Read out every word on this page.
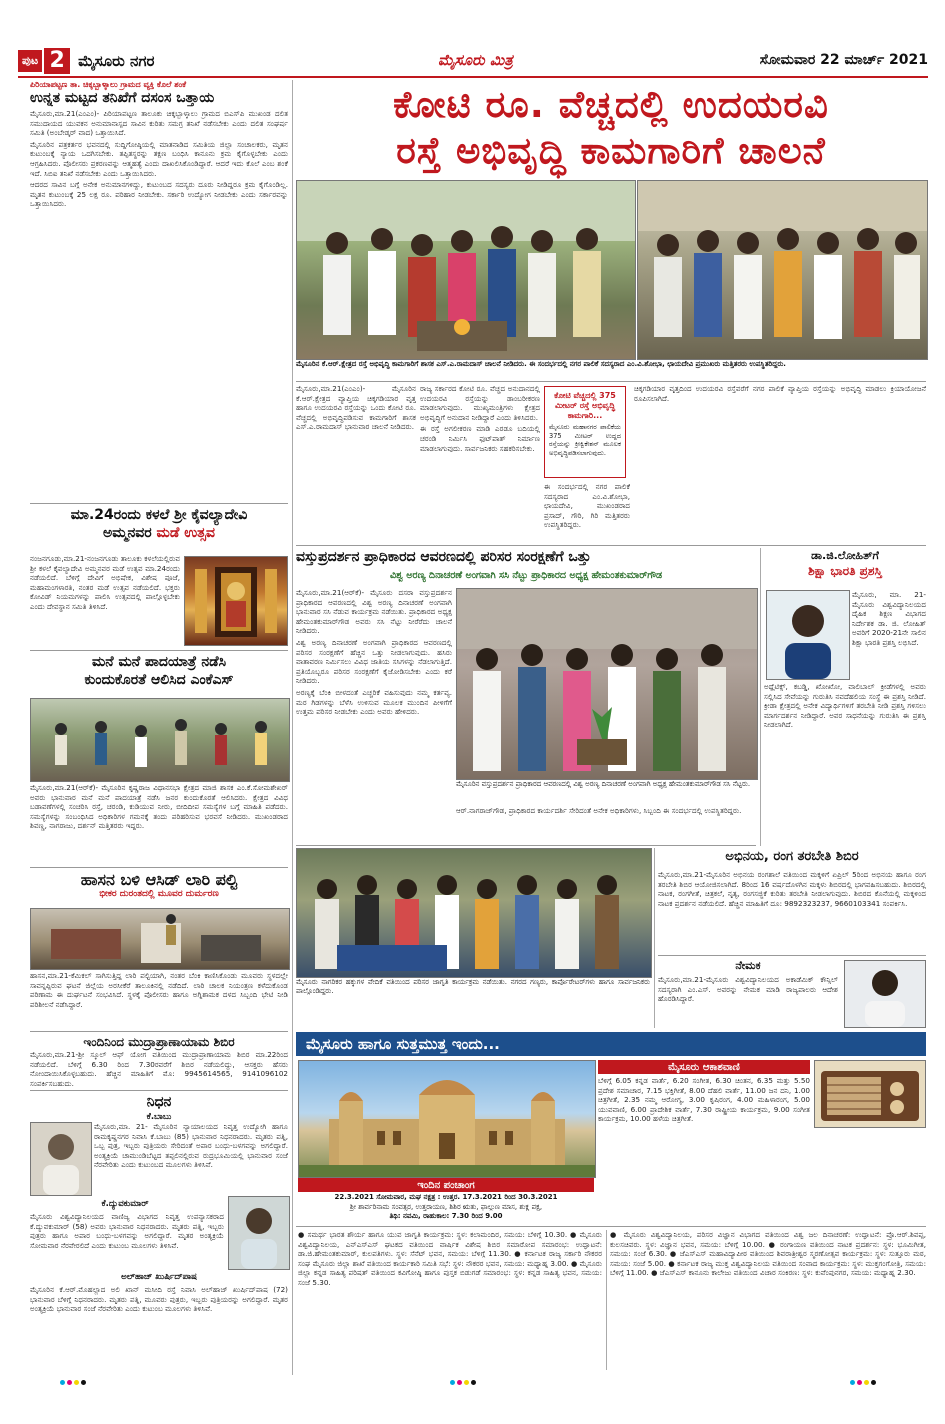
ಪುಟ 2 ಮೈಸೂರು ನಗರ	ಮೈಸೂರು ಮಿತ್ರ	ಸೋಮವಾರ 22 ಮಾರ್ಚ್ 2021
ಪಿರಿಯಾಪಟ್ಟಣ ತಾ. ಚಿಕ್ಕಬ್ಬಾಳ್ಕಾಲು ಗ್ರಾಮದ ವ್ಯಕ್ತಿ ಕೊಲೆ ಶಂಕೆ
ಉನ್ನತ ಮಟ್ಟದ ತನಿಖೆಗೆ ದಸಂಸ ಒತ್ತಾಯ

ಮೈಸೂರು,ಮಾ.21(ಎಂಎಂ)- ಪಿರಿಯಾಪಟ್ಟಣ ತಾಲೂಕು ಚಿಕ್ಕಬ್ಬಾಳ್ಕಾಲು ಗ್ರಾಮದ ಬಿಎಸ್‌ಪಿ ಮುಖಂಡ ದಲಿತ ಸಮುದಾಯದ ಯುವಕನ ಅನುಮಾನಾಸ್ಪದ ಸಾವಿನ ಕುರಿತು ಸಮಗ್ರ ತನಿಖೆ ನಡೆಸಬೇಕು ಎಂದು ದಲಿತ ಸಂಘರ್ಷ ಸಮಿತಿ (ಅಂಬೇಡ್ಕರ್ ವಾದ) ಒತ್ತಾಯಿಸಿದೆ.

ಮೈಸೂರಿನ ಪತ್ರಕರ್ತರ ಭವನದಲ್ಲಿ ಸುದ್ದಿಗೋಷ್ಠಿಯಲ್ಲಿ ಮಾತನಾಡಿದ ಸಮಿತಿಯ ಜಿಲ್ಲಾ ಸಂಚಾಲಕರು, ಮೃತನ ಕುಟುಂಬಕ್ಕೆ ನ್ಯಾಯ ಒದಗಿಸಬೇಕು. ತಪ್ಪಿತಸ್ಥರನ್ನು ತಕ್ಷಣ ಬಂಧಿಸಿ ಕಾನೂನು ಕ್ರಮ ಕೈಗೊಳ್ಳಬೇಕು ಎಂದು ಆಗ್ರಹಿಸಿದರು. ಪೊಲೀಸರು ಪ್ರಕರಣವನ್ನು ಆತ್ಮಹತ್ಯೆ ಎಂದು ದಾಖಲಿಸಿಕೊಂಡಿದ್ದಾರೆ. ಆದರೆ ಇದು ಕೊಲೆ ಎಂಬ ಶಂಕೆ ಇದೆ. ಸಿಬಿಐ ತನಿಖೆ ನಡೆಸಬೇಕು ಎಂದು ಒತ್ತಾಯಿಸಿದರು.

ಆದರದ ಸಾವಿನ ಬಗ್ಗೆ ಅನೇಕ ಅನುಮಾನಗಳಿದ್ದು, ಕುಟುಂಬದ ಸದಸ್ಯರು ದೂರು ನೀಡಿದ್ದರೂ ಕ್ರಮ ಕೈಗೊಂಡಿಲ್ಲ. ಮೃತನ ಕುಟುಂಬಕ್ಕೆ 25 ಲಕ್ಷ ರೂ. ಪರಿಹಾರ ನೀಡಬೇಕು. ಸರ್ಕಾರಿ ಉದ್ಯೋಗ ನೀಡಬೇಕು ಎಂದು ಸರ್ಕಾರವನ್ನು ಒತ್ತಾಯಿಸಿದರು.

ಮಾ.24ರಂದು ಕಳಲೆ ಶ್ರೀ ಕೈವಲ್ಯಾದೇವಿ
ಅಮ್ಮನವರ ಮಡೆ ಉತ್ಸವ

ನಂಜನಗೂಡು,ಮಾ.21-ನಂಜನಗೂಡು ತಾಲೂಕು ಕಳಲೆಯಲ್ಲಿರುವ ಶ್ರೀ ಕಳಲೆ ಕೈವಲ್ಯಾದೇವಿ ಅಮ್ಮನವರ ಮಡೆ ಉತ್ಸವ ಮಾ.24ರಂದು ನಡೆಯಲಿದೆ. ಬೆಳಿಗ್ಗೆ ದೇವಿಗೆ ಅಭಿಷೇಕ, ವಿಶೇಷ ಪೂಜೆ, ಮಹಾಮಂಗಳಾರತಿ, ನಂತರ ಮಡೆ ಉತ್ಸವ ನಡೆಯಲಿದೆ. ಭಕ್ತರು ಕೋವಿಡ್ ನಿಯಮಗಳನ್ನು ಪಾಲಿಸಿ ಉತ್ಸವದಲ್ಲಿ ಪಾಲ್ಗೊಳ್ಳಬೇಕು ಎಂದು ದೇವಸ್ಥಾನ ಸಮಿತಿ ತಿಳಿಸಿದೆ.

ಮನೆ ಮನೆ ಪಾದಯಾತ್ರೆ ನಡೆಸಿ
ಕುಂದುಕೊರತೆ ಆಲಿಸಿದ ಎಂಕೆಎಸ್

ಮೈಸೂರು,ಮಾ.21(ಆರ್‌ಕೆ)- ಮೈಸೂರಿನ ಕೃಷ್ಣರಾಜ ವಿಧಾನಸಭಾ ಕ್ಷೇತ್ರದ ಮಾಜಿ ಶಾಸಕ ಎಂ.ಕೆ.ಸೋಮಶೇಖರ್ ಅವರು ಭಾನುವಾರ ಮನೆ ಮನೆ ಪಾದಯಾತ್ರೆ ನಡೆಸಿ ಜನರ ಕುಂದುಕೊರತೆ ಆಲಿಸಿದರು. ಕ್ಷೇತ್ರದ ವಿವಿಧ ಬಡಾವಣೆಗಳಲ್ಲಿ ಸಂಚರಿಸಿ ರಸ್ತೆ, ಚರಂಡಿ, ಕುಡಿಯುವ ನೀರು, ಬೀದಿದೀಪ ಸಮಸ್ಯೆಗಳ ಬಗ್ಗೆ ಮಾಹಿತಿ ಪಡೆದರು. ಸಮಸ್ಯೆಗಳನ್ನು ಸಂಬಂಧಿಸಿದ ಅಧಿಕಾರಿಗಳ ಗಮನಕ್ಕೆ ತಂದು ಪರಿಹರಿಸುವ ಭರವಸೆ ನೀಡಿದರು. ಮುಖಂಡರಾದ ಶಿವಣ್ಣ, ನಾಗರಾಜು, ದರ್ಶನ್ ಮತ್ತಿತರರು ಇದ್ದರು.

ಹಾಸನ ಬಳಿ ಆಸಿಡ್ ಲಾರಿ ಪಲ್ಟಿ
ಭೀಕರ ದುರಂತದಲ್ಲಿ ಮೂವರ ದುರ್ಮರಣ

ಹಾಸನ,ಮಾ.21-ಕೆಮಿಕಲ್ ಸಾಗಿಸುತ್ತಿದ್ದ ಲಾರಿ ಪಲ್ಟಿಯಾಗಿ, ನಂತರ ಬೆಂಕಿ ಕಾಣಿಸಿಕೊಂಡು ಮೂವರು ಸ್ಥಳದಲ್ಲೇ ಸಾವನ್ನಪ್ಪಿರುವ ಘಟನೆ ಜಿಲ್ಲೆಯ ಅರಸೀಕೆರೆ ತಾಲೂಕಿನಲ್ಲಿ ನಡೆದಿದೆ. ಲಾರಿ ಚಾಲಕ ನಿಯಂತ್ರಣ ಕಳೆದುಕೊಂಡ ಪರಿಣಾಮ ಈ ದುರ್ಘಟನೆ ಸಂಭವಿಸಿದೆ. ಸ್ಥಳಕ್ಕೆ ಪೊಲೀಸರು ಹಾಗೂ ಅಗ್ನಿಶಾಮಕ ದಳದ ಸಿಬ್ಬಂದಿ ಭೇಟಿ ನೀಡಿ ಪರಿಶೀಲನೆ ನಡೆಸಿದ್ದಾರೆ.

ಇಂದಿನಿಂದ ಮುದ್ರಾಪ್ರಾಣಾಯಾಮ ಶಿಬಿರ

ಮೈಸೂರು,ಮಾ.21-ಶ್ರೀ ಸ್ಕೂಲ್ ಆಫ್ ಯೋಗ ವತಿಯಿಂದ ಮುದ್ರಾಪ್ರಾಣಾಯಾಮ ಶಿಬಿರ ಮಾ.22ರಿಂದ ನಡೆಯಲಿದೆ. ಬೆಳಿಗ್ಗೆ 6.30 ರಿಂದ 7.30ರವರೆಗೆ ಶಿಬಿರ ನಡೆಯಲಿದ್ದು, ಆಸಕ್ತರು ಹೆಸರು ನೋಂದಾಯಿಸಿಕೊಳ್ಳಬಹುದು. ಹೆಚ್ಚಿನ ಮಾಹಿತಿಗೆ ಮೊ: 9945614565, 9141096102 ಸಂಪರ್ಕಿಸಬಹುದು.

ನಿಧನ
ಕೆ.ಬಾಬು

ಮೈಸೂರು,ಮಾ. 21- ಮೈಸೂರಿನ ನ್ಯಾಯಾಲಯದ ನಿವೃತ್ತ ಉದ್ಯೋಗಿ ಹಾಗೂ ರಾಮಕೃಷ್ಣನಗರ ನಿವಾಸಿ ಕೆ.ಬಾಬು (85) ಭಾನುವಾರ ನಿಧನರಾದರು. ಮೃತರು ಪತ್ನಿ, ಒಬ್ಬ ಪುತ್ರ, ಇಬ್ಬರು ಪುತ್ರಿಯರು ಸೇರಿದಂತೆ ಅಪಾರ ಬಂಧು-ಬಳಗವನ್ನು ಅಗಲಿದ್ದಾರೆ. ಅಂತ್ಯಕ್ರಿಯೆ ಚಾಮುಂಡಿಬೆಟ್ಟದ ತಪ್ಪಲಿನಲ್ಲಿರುವ ರುದ್ರಭೂಮಿಯಲ್ಲಿ ಭಾನುವಾರ ಸಂಜೆ ನೆರವೇರಿತು ಎಂದು ಕುಟುಂಬದ ಮೂಲಗಳು ತಿಳಿಸಿವೆ.

ಕೆ.ದ್ಯುವಕುಮಾರ್

ಮೈಸೂರು ವಿಶ್ವವಿದ್ಯಾನಿಲಯದ ವಾಣಿಜ್ಯ ವಿಭಾಗದ ನಿವೃತ್ತ ಉಪನ್ಯಾಸಕರಾದ ಕೆ.ದ್ಯುವಕುಮಾರ್ (58) ಅವರು ಭಾನುವಾರ ನಿಧನರಾದರು. ಮೃತರು ಪತ್ನಿ, ಇಬ್ಬರು ಪುತ್ರರು ಹಾಗೂ ಅಪಾರ ಬಂಧು-ಬಳಗವನ್ನು ಅಗಲಿದ್ದಾರೆ. ಮೃತರ ಅಂತ್ಯಕ್ರಿಯೆ ಸೋಮವಾರ ನೆರವೇರಲಿದೆ ಎಂದು ಕುಟುಂಬ ಮೂಲಗಳು ತಿಳಿಸಿವೆ.

ಅಲ್‌ಹಾಜ್ ಖುರ್ಷಿದ್‌ಪಾಷ

ಮೈಸೂರಿನ ಕೆ.ಆರ್.ಮೊಹಲ್ಲಾದ ಅಲಿ ಖಾನ್ ಮಸೀದಿ ರಸ್ತೆ ನಿವಾಸಿ ಅಲ್‌ಹಾಜ್ ಖುರ್ಷಿದ್‌ಪಾಷ (72) ಭಾನುವಾರ ಬೆಳಿಗ್ಗೆ ನಿಧನರಾದರು. ಮೃತರು ಪತ್ನಿ, ಮೂವರು ಪುತ್ರರು, ಇಬ್ಬರು ಪುತ್ರಿಯರನ್ನು ಅಗಲಿದ್ದಾರೆ. ಮೃತರ ಅಂತ್ಯಕ್ರಿಯೆ ಭಾನುವಾರ ಸಂಜೆ ನೆರವೇರಿತು ಎಂದು ಕುಟುಂಬ ಮೂಲಗಳು ತಿಳಿಸಿವೆ.

ಕೋಟಿ ರೂ. ವೆಚ್ಚದಲ್ಲಿ ಉದಯರವಿ
ರಸ್ತೆ ಅಭಿವೃದ್ಧಿ ಕಾಮಗಾರಿಗೆ ಚಾಲನೆ
ಮೈಸೂರಿನ ಕೆ.ಆರ್.ಕ್ಷೇತ್ರದ ರಸ್ತೆ ಅಭಿವೃದ್ಧಿ ಕಾಮಗಾರಿಗೆ ಶಾಸಕ ಎಸ್.ಎ.ರಾಮದಾಸ್ ಚಾಲನೆ ನೀಡಿದರು. ಈ ಸಂದರ್ಭದಲ್ಲಿ ನಗರ ಪಾಲಿಕೆ ಸದಸ್ಯರಾದ ಎಂ.ವಿ.ಶೋಭಾ, ಛಾಯದೇವಿ ಪ್ರಮುಖರು ಮತ್ತಿತರರು ಉಪಸ್ಥಿತರಿದ್ದರು.

ಮೈಸೂರು,ಮಾ.21(ಎಂಎಂ)- ಮೈಸೂರಿನ ಕೆ.ಆರ್.ಕ್ಷೇತ್ರದ ವ್ಯಾಪ್ತಿಯ ಚಿಕ್ಕಗಡಿಯಾರ ವೃತ್ತ ಹಾಗೂ ಉದಯರವಿ ರಸ್ತೆಯನ್ನು ಒಂದು ಕೋಟಿ ರೂ. ವೆಚ್ಚದಲ್ಲಿ ಅಭಿವೃದ್ಧಿಪಡಿಸುವ ಕಾಮಗಾರಿಗೆ ಶಾಸಕ ಎಸ್.ಎ.ರಾಮದಾಸ್ ಭಾನುವಾರ ಚಾಲನೆ ನೀಡಿದರು.

ರಾಜ್ಯ ಸರ್ಕಾರದ ಕೋಟಿ ರೂ. ವೆಚ್ಚದ ಅನುದಾನದಲ್ಲಿ ಉದಯರವಿ ರಸ್ತೆಯನ್ನು ಡಾಂಬರೀಕರಣ ಮಾಡಲಾಗುವುದು. ಮುಖ್ಯಮಂತ್ರಿಗಳು ಕ್ಷೇತ್ರದ ಅಭಿವೃದ್ಧಿಗೆ ಅನುದಾನ ನೀಡಿದ್ದಾರೆ ಎಂದು ತಿಳಿಸಿದರು.

ಈ ರಸ್ತೆ ಅಗಲೀಕರಣ ಮಾಡಿ ಎರಡೂ ಬದಿಯಲ್ಲಿ ಚರಂಡಿ ನಿರ್ಮಿಸಿ ಫುಟ್‌ಪಾತ್ ನಿರ್ಮಾಣ ಮಾಡಲಾಗುವುದು. ಸಾರ್ವಜನಿಕರು ಸಹಕರಿಸಬೇಕು.

ಕೋಟಿ ವೆಚ್ಚದಲ್ಲಿ 375 ಮೀಟರ್ ರಸ್ತೆ ಅಭಿವೃದ್ಧಿ ಕಾಮಗಾರಿ...
ಮೈಸೂರು ಮಹಾನಗರ ಪಾಲಿಕೆಯ 375 ಮೀಟರ್ ಉದ್ದದ ರಸ್ತೆಯನ್ನು ಕ್ರೀಕ್ವಿಕೇಶನ್ ಮೂಲಕ ಅಭಿವೃದ್ಧಿಪಡಿಸಲಾಗುವುದು.

ಈ ಸಂದರ್ಭದಲ್ಲಿ ನಗರ ಪಾಲಿಕೆ ಸದಸ್ಯರಾದ ಎಂ.ವಿ.ಶೋಭಾ, ಛಾಯದೇವಿ, ಮುಖಂಡರಾದ ಪ್ರಸಾದ್, ಗೌರಿ, ಗಿರಿ ಮತ್ತಿತರರು ಉಪಸ್ಥಿತರಿದ್ದರು.

ಚಿಕ್ಕಗಡಿಯಾರ ವೃತ್ತದಿಂದ ಉದಯರವಿ ರಸ್ತೆವರೆಗೆ ನಗರ ಪಾಲಿಕೆ ವ್ಯಾಪ್ತಿಯ ರಸ್ತೆಯನ್ನು ಅಭಿವೃದ್ಧಿ ಮಾಡಲು ಕ್ರಿಯಾಯೋಜನೆ ರೂಪಿಸಲಾಗಿದೆ.

ವಸ್ತುಪ್ರದರ್ಶನ ಪ್ರಾಧಿಕಾರದ ಆವರಣದಲ್ಲಿ ಪರಿಸರ ಸಂರಕ್ಷಣೆಗೆ ಒತ್ತು
ವಿಶ್ವ ಅರಣ್ಯ ದಿನಾಚರಣೆ ಅಂಗವಾಗಿ ಸಸಿ ನೆಟ್ಟು ಪ್ರಾಧಿಕಾರದ ಅಧ್ಯಕ್ಷ ಹೇಮಂತಕುಮಾರ್‌ಗೌಡ

ಮೈಸೂರು,ಮಾ.21(ಆರ್‌ಕೆ)- ಮೈಸೂರು ದಸರಾ ವಸ್ತುಪ್ರದರ್ಶನ ಪ್ರಾಧಿಕಾರದ ಆವರಣದಲ್ಲಿ ವಿಶ್ವ ಅರಣ್ಯ ದಿನಾಚರಣೆ ಅಂಗವಾಗಿ ಭಾನುವಾರ ಸಸಿ ನೆಡುವ ಕಾರ್ಯಕ್ರಮ ನಡೆಯಿತು. ಪ್ರಾಧಿಕಾರದ ಅಧ್ಯಕ್ಷ ಹೇಮಂತಕುಮಾರ್‌ಗೌಡ ಅವರು ಸಸಿ ನೆಟ್ಟು ನೀರೆರೆದು ಚಾಲನೆ ನೀಡಿದರು.

ವಿಶ್ವ ಅರಣ್ಯ ದಿನಾಚರಣೆ ಅಂಗವಾಗಿ ಪ್ರಾಧಿಕಾರದ ಆವರಣದಲ್ಲಿ ಪರಿಸರ ಸಂರಕ್ಷಣೆಗೆ ಹೆಚ್ಚಿನ ಒತ್ತು ನೀಡಲಾಗುವುದು. ಹಸಿರು ವಾತಾವರಣ ನಿರ್ಮಿಸಲು ವಿವಿಧ ಜಾತಿಯ ಸಸಿಗಳನ್ನು ನೆಡಲಾಗುತ್ತಿದೆ. ಪ್ರತಿಯೊಬ್ಬರೂ ಪರಿಸರ ಸಂರಕ್ಷಣೆಗೆ ಕೈಜೋಡಿಸಬೇಕು ಎಂದು ಕರೆ ನೀಡಿದರು.

ಅರಣ್ಯಕ್ಕೆ ಬೆಂಕಿ ಬೀಳದಂತೆ ಎಚ್ಚರಿಕೆ ವಹಿಸುವುದು ನಮ್ಮ ಕರ್ತವ್ಯ. ಮರ ಗಿಡಗಳನ್ನು ಬೆಳೆಸಿ ಉಳಿಸುವ ಮೂಲಕ ಮುಂದಿನ ಪೀಳಿಗೆಗೆ ಉತ್ತಮ ಪರಿಸರ ನೀಡಬೇಕು ಎಂದು ಅವರು ಹೇಳಿದರು.

ಮೈಸೂರಿನ ವಸ್ತುಪ್ರದರ್ಶನ ಪ್ರಾಧಿಕಾರದ ಆವರಣದಲ್ಲಿ ವಿಶ್ವ ಅರಣ್ಯ ದಿನಾಚರಣೆ ಅಂಗವಾಗಿ ಅಧ್ಯಕ್ಷ ಹೇಮಂತಕುಮಾರ್‌ಗೌಡ ಸಸಿ ನೆಟ್ಟರು.

ಆರ್.ನಾಗರಾಜ್‌ಗೌಡ, ಪ್ರಾಧಿಕಾರದ ಕಾರ್ಯದರ್ಶಿ ಸೇರಿದಂತೆ ಅನೇಕ ಅಧಿಕಾರಿಗಳು, ಸಿಬ್ಬಂದಿ ಈ ಸಂದರ್ಭದಲ್ಲಿ ಉಪಸ್ಥಿತರಿದ್ದರು.

ಮೈಸೂರು ನಾಗರಿಕರ ಹಕ್ಕುಗಳ ವೇದಿಕೆ ವತಿಯಿಂದ ಪರಿಸರ ಜಾಗೃತಿ ಕಾರ್ಯಕ್ರಮ ನಡೆಯಿತು. ನಗರದ ಗಣ್ಯರು, ಕಾರ್ಪೊರೇಟರ್‌ಗಳು ಹಾಗೂ ಸಾರ್ವಜನಿಕರು ಪಾಲ್ಗೊಂಡಿದ್ದರು.
ಡಾ.ಜಿ.ಲೋಹಿತ್‌ಗೆ
ಶಿಕ್ಷಾ ಭಾರತಿ ಪ್ರಶಸ್ತಿ

ಮೈಸೂರು, ಮಾ. 21- ಮೈಸೂರು ವಿಶ್ವವಿದ್ಯಾನಿಲಯದ ದೈಹಿಕ ಶಿಕ್ಷಣ ವಿಭಾಗದ ನಿರ್ದೇಶಕ ಡಾ. ಜಿ. ಲೋಹಿತ್ ಅವರಿಗೆ 2020-21ನೇ ಸಾಲಿನ ಶಿಕ್ಷಾ ಭಾರತಿ ಪ್ರಶಸ್ತಿ ಲಭಿಸಿದೆ.

ಅಥ್ಲೆಟಿಕ್ಸ್, ಕಬಡ್ಡಿ, ಖೋಖೋ, ವಾಲಿಬಾಲ್ ಕ್ರೀಡೆಗಳಲ್ಲಿ ಅವರು ಸಲ್ಲಿಸಿದ ಸೇವೆಯನ್ನು ಗುರುತಿಸಿ ನವದೆಹಲಿಯ ಸಂಸ್ಥೆ ಈ ಪ್ರಶಸ್ತಿ ನೀಡಿದೆ. ಕ್ರೀಡಾ ಕ್ಷೇತ್ರದಲ್ಲಿ ಅನೇಕ ವಿದ್ಯಾರ್ಥಿಗಳಿಗೆ ತರಬೇತಿ ನೀಡಿ ಪ್ರಶಸ್ತಿ ಗಳಿಸಲು ಮಾರ್ಗದರ್ಶನ ನೀಡಿದ್ದಾರೆ. ಅವರ ಸಾಧನೆಯನ್ನು ಗುರುತಿಸಿ ಈ ಪ್ರಶಸ್ತಿ ನೀಡಲಾಗಿದೆ.

ಅಭಿನಯ, ರಂಗ ತರಬೇತಿ ಶಿಬಿರ

ಮೈಸೂರು,ಮಾ.21-ಮೈಸೂರಿನ ಅಭಿನಯ ರಂಗಶಾಲೆ ವತಿಯಿಂದ ಮಕ್ಕಳಿಗೆ ಏಪ್ರಿಲ್ 5ರಿಂದ ಅಭಿನಯ ಹಾಗೂ ರಂಗ ತರಬೇತಿ ಶಿಬಿರ ಆಯೋಜಿಸಲಾಗಿದೆ. 8ರಿಂದ 16 ವರ್ಷದೊಳಗಿನ ಮಕ್ಕಳು ಶಿಬಿರದಲ್ಲಿ ಭಾಗವಹಿಸಬಹುದು. ಶಿಬಿರದಲ್ಲಿ ನಾಟಕ, ರಂಗಗೀತೆ, ಚಿತ್ರಕಲೆ, ನೃತ್ಯ, ರಂಗಸಜ್ಜಿಕೆ ಕುರಿತು ತರಬೇತಿ ನೀಡಲಾಗುವುದು. ಶಿಬಿರದ ಕೊನೆಯಲ್ಲಿ ಮಕ್ಕಳಿಂದ ನಾಟಕ ಪ್ರದರ್ಶನ ನಡೆಯಲಿದೆ. ಹೆಚ್ಚಿನ ಮಾಹಿತಿಗೆ ದೂ: 9892323237, 9660103341 ಸಂಪರ್ಕಿಸಿ.

ನೇಮಕ

ಮೈಸೂರು,ಮಾ.21-ಮೈಸೂರು ವಿಶ್ವವಿದ್ಯಾನಿಲಯದ ಅಕಾಡೆಮಿಕ್ ಕೌನ್ಸಿಲ್ ಸದಸ್ಯರಾಗಿ ಎಂ.ಎಸ್. ಅವರನ್ನು ನೇಮಕ ಮಾಡಿ ರಾಜ್ಯಪಾಲರು ಆದೇಶ ಹೊರಡಿಸಿದ್ದಾರೆ.

ಮೈಸೂರು ಹಾಗೂ ಸುತ್ತಮುತ್ತ ಇಂದು...
ಇಂದಿನ ಪಂಚಾಂಗ
22.3.2021 ಸೋಮವಾರ, ಮಘ ನಕ್ಷತ್ರ : ಉತ್ತರ. 17.3.2021 ರಿಂದ 30.3.2021
ಶ್ರೀ ಶಾರ್ವರಿನಾಮ ಸಂವತ್ಸರ, ಉತ್ತರಾಯಣ, ಶಿಶಿರ ಋತು, ಫಾಲ್ಗುಣ ಮಾಸ, ಶುಕ್ಲ ಪಕ್ಷ,
ತಿಥಿ: ನವಮಿ, ರಾಹುಕಾಲ: 7.30 ರಿಂದ 9.00
ಮೈಸೂರು ಆಕಾಶವಾಣಿ

ಬೆಳಿಗ್ಗೆ 6.05 ಕನ್ನಡ ವಾರ್ತೆ, 6.20 ಸಂಗೀತ, 6.30 ಚಿಂತನ, 6.35 ಮತ್ತು 5.50 ಪ್ರದೇಶ ಸಮಾಚಾರ, 7.15 ಭಕ್ತಿಗೀತೆ, 8.00 ದೆಹಲಿ ವಾರ್ತೆ, 11.00 ಜನ ದನಿ, 1.00 ಚಿತ್ರಗೀತೆ, 2.35 ನಮ್ಮ ಆರೋಗ್ಯ, 3.00 ಕೃಷಿರಂಗ, 4.00 ಮಹಿಳಾರಂಗ, 5.00 ಯುವವಾಣಿ, 6.00 ಪ್ರಾದೇಶಿಕ ವಾರ್ತೆ, 7.30 ರಾಷ್ಟ್ರೀಯ ಕಾರ್ಯಕ್ರಮ, 9.00 ಸಂಗೀತ ಕಾರ್ಯಕ್ರಮ, 10.00 ಹಳೆಯ ಚಿತ್ರಗೀತೆ.

● ಸಮರ್ಥ ಭಾರತ ಶೌರ್ಯ ಹಾಗೂ ಯುವ ಜಾಗೃತಿ ಕಾರ್ಯಕ್ರಮ: ಸ್ಥಳ: ಕಲಾಮಂದಿರ, ಸಮಯ: ಬೆಳಿಗ್ಗೆ 10.30. ● ಮೈಸೂರು ವಿಶ್ವವಿದ್ಯಾನಿಲಯ, ಎನ್‌ಎಸ್‌ಎಸ್ ಘಟಕದ ವತಿಯಿಂದ ವಾರ್ಷಿಕ ವಿಶೇಷ ಶಿಬಿರ ಸಮಾರೋಪ ಸಮಾರಂಭ: ಉದ್ಘಾಟನೆ: ಡಾ.ಜಿ.ಹೇಮಂತಕುಮಾರ್, ಕುಲಪತಿಗಳು. ಸ್ಥಳ: ಸೆನೆಟ್ ಭವನ, ಸಮಯ: ಬೆಳಿಗ್ಗೆ 11.30. ● ಕರ್ನಾಟಕ ರಾಜ್ಯ ಸರ್ಕಾರಿ ನೌಕರರ ಸಂಘ ಮೈಸೂರು ಜಿಲ್ಲಾ ಶಾಖೆ ವತಿಯಿಂದ ಕಾರ್ಯಕಾರಿ ಸಮಿತಿ ಸಭೆ: ಸ್ಥಳ: ನೌಕರರ ಭವನ, ಸಮಯ: ಮಧ್ಯಾಹ್ನ 3.00. ● ಮೈಸೂರು ಜಿಲ್ಲಾ ಕನ್ನಡ ಸಾಹಿತ್ಯ ಪರಿಷತ್ ವತಿಯಿಂದ ಕವಿಗೋಷ್ಠಿ ಹಾಗೂ ಪುಸ್ತಕ ಬಿಡುಗಡೆ ಸಮಾರಂಭ: ಸ್ಥಳ: ಕನ್ನಡ ಸಾಹಿತ್ಯ ಭವನ, ಸಮಯ: ಸಂಜೆ 5.30.

● ಮೈಸೂರು ವಿಶ್ವವಿದ್ಯಾನಿಲಯ, ಪರಿಸರ ವಿಜ್ಞಾನ ವಿಭಾಗದ ವತಿಯಿಂದ ವಿಶ್ವ ಜಲ ದಿನಾಚರಣೆ: ಉದ್ಘಾಟನೆ: ಪ್ರೊ.ಆರ್.ಶಿವಪ್ಪ, ಕುಲಸಚಿವರು. ಸ್ಥಳ: ವಿಜ್ಞಾನ ಭವನ, ಸಮಯ: ಬೆಳಿಗ್ಗೆ 10.00. ● ರಂಗಾಯಣ ವತಿಯಿಂದ ನಾಟಕ ಪ್ರದರ್ಶನ: ಸ್ಥಳ: ಭೂಮಿಗೀತ, ಸಮಯ: ಸಂಜೆ 6.30. ● ಜೆಎಸ್‌ಎಸ್ ಮಹಾವಿದ್ಯಾಪೀಠ ವತಿಯಿಂದ ಶಿವರಾತ್ರೀಶ್ವರ ಸ್ಮರಣೋತ್ಸವ ಕಾರ್ಯಕ್ರಮ: ಸ್ಥಳ: ಸುತ್ತೂರು ಮಠ, ಸಮಯ: ಸಂಜೆ 5.00. ● ಕರ್ನಾಟಕ ರಾಜ್ಯ ಮುಕ್ತ ವಿಶ್ವವಿದ್ಯಾನಿಲಯ ವತಿಯಿಂದ ಸಂವಾದ ಕಾರ್ಯಕ್ರಮ: ಸ್ಥಳ: ಮುಕ್ತಗಂಗೋತ್ರಿ, ಸಮಯ: ಬೆಳಿಗ್ಗೆ 11.00. ● ಜೆಎಸ್‌ಎಸ್ ಕಾನೂನು ಕಾಲೇಜು ವತಿಯಿಂದ ವಿಚಾರ ಸಂಕಿರಣ: ಸ್ಥಳ: ಕುವೆಂಪುನಗರ, ಸಮಯ: ಮಧ್ಯಾಹ್ನ 2.30.
